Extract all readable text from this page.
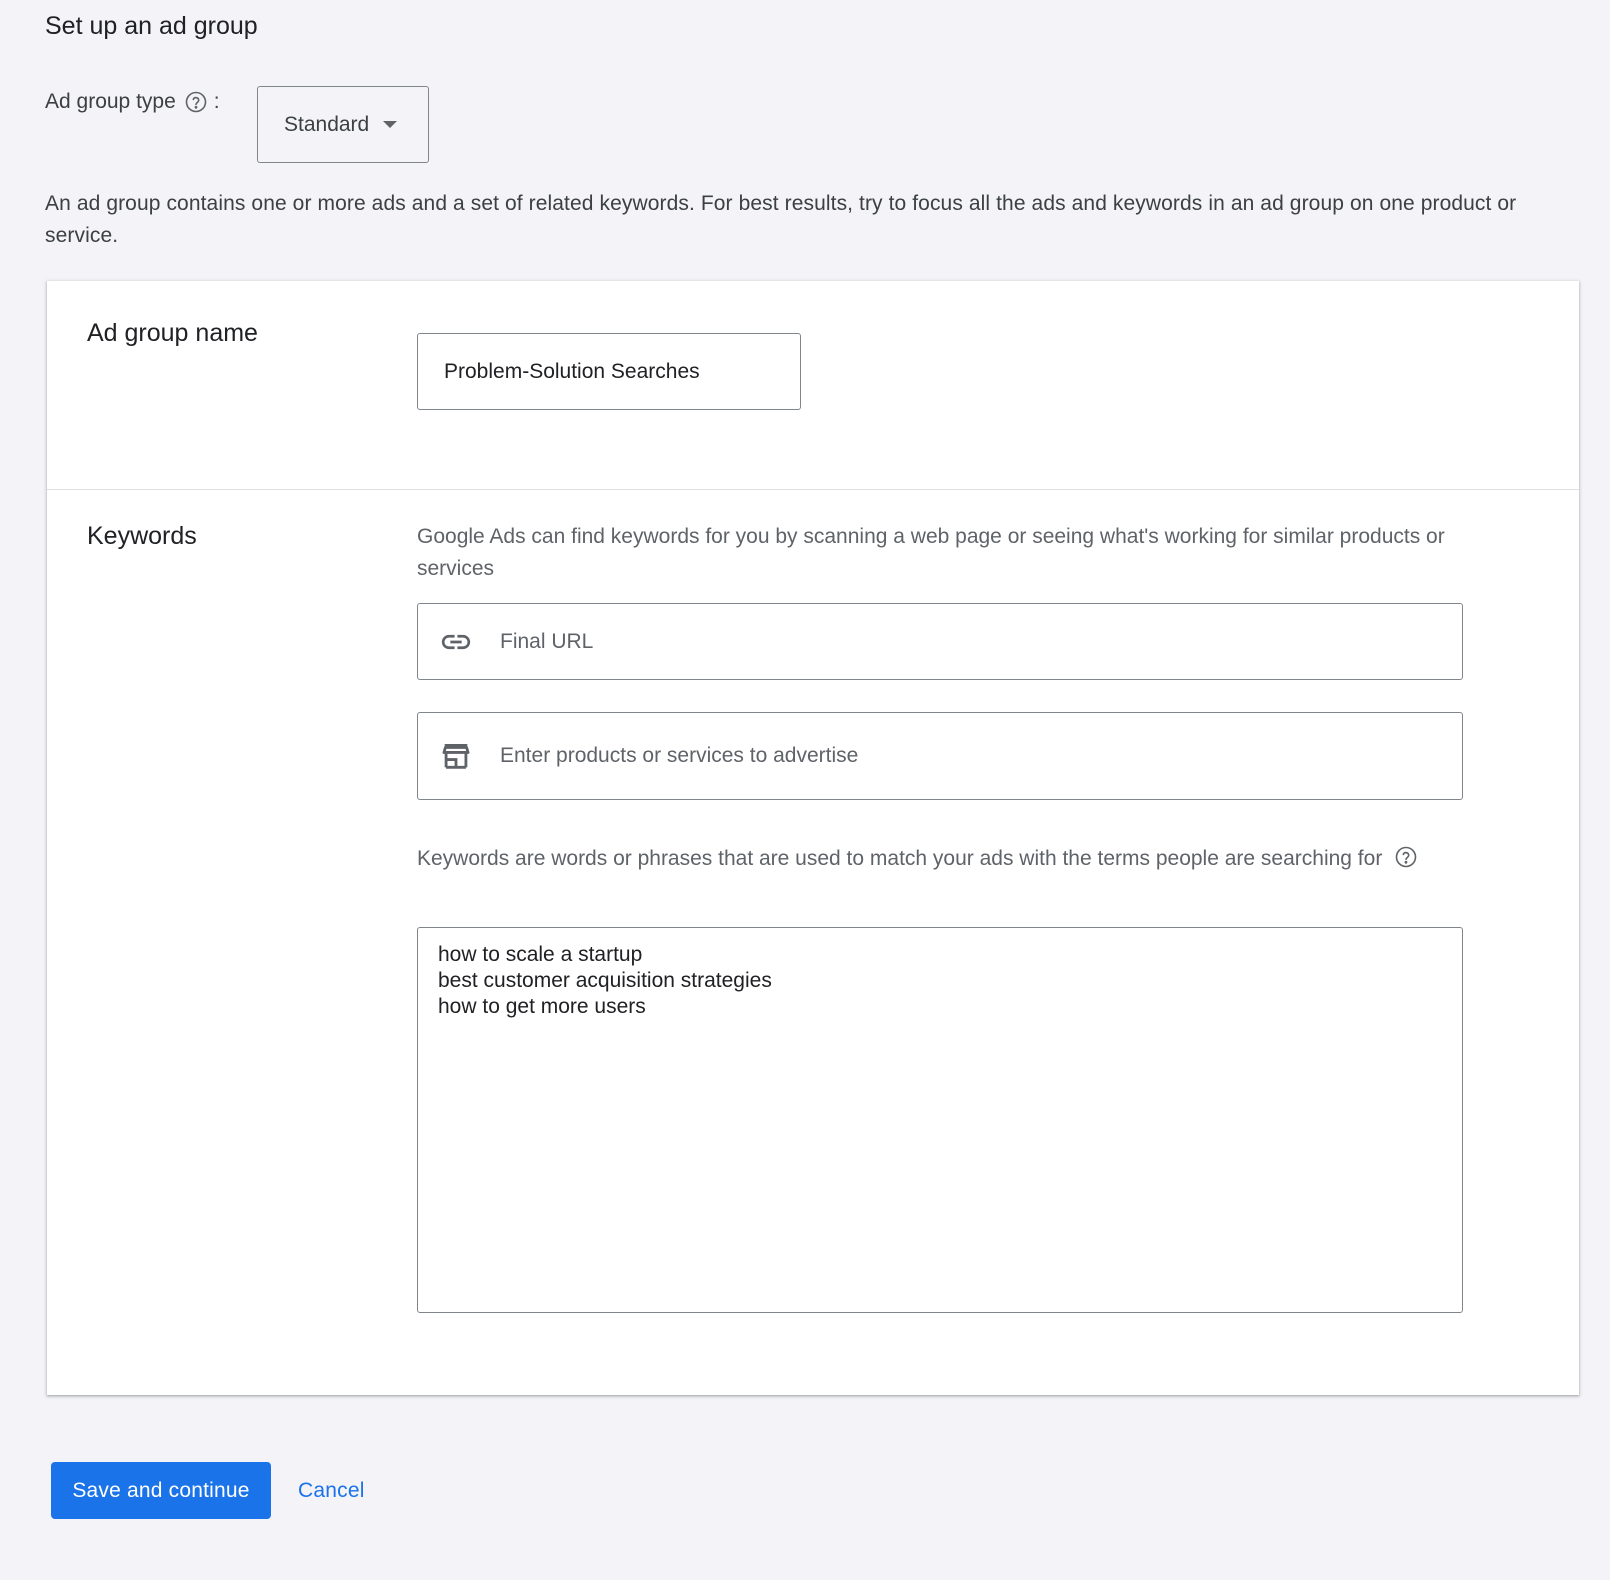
Set up an ad group
Ad group type :
Standard
An ad group contains one or more ads and a set of related keywords. For best results, try to focus all the ads and keywords in an ad group on one product or service.
Ad group name
Problem-Solution Searches
Keywords	Google Ads can find keywords for you by scanning a web page or seeing what's working for similar products or services
Final URL
Enter products or services to advertise
Keywords are words or phrases that are used to match your ads with the terms people are searching for
how to scale a startup
best customer acquisition strategies
how to get more users
Save and continue	Cancel
